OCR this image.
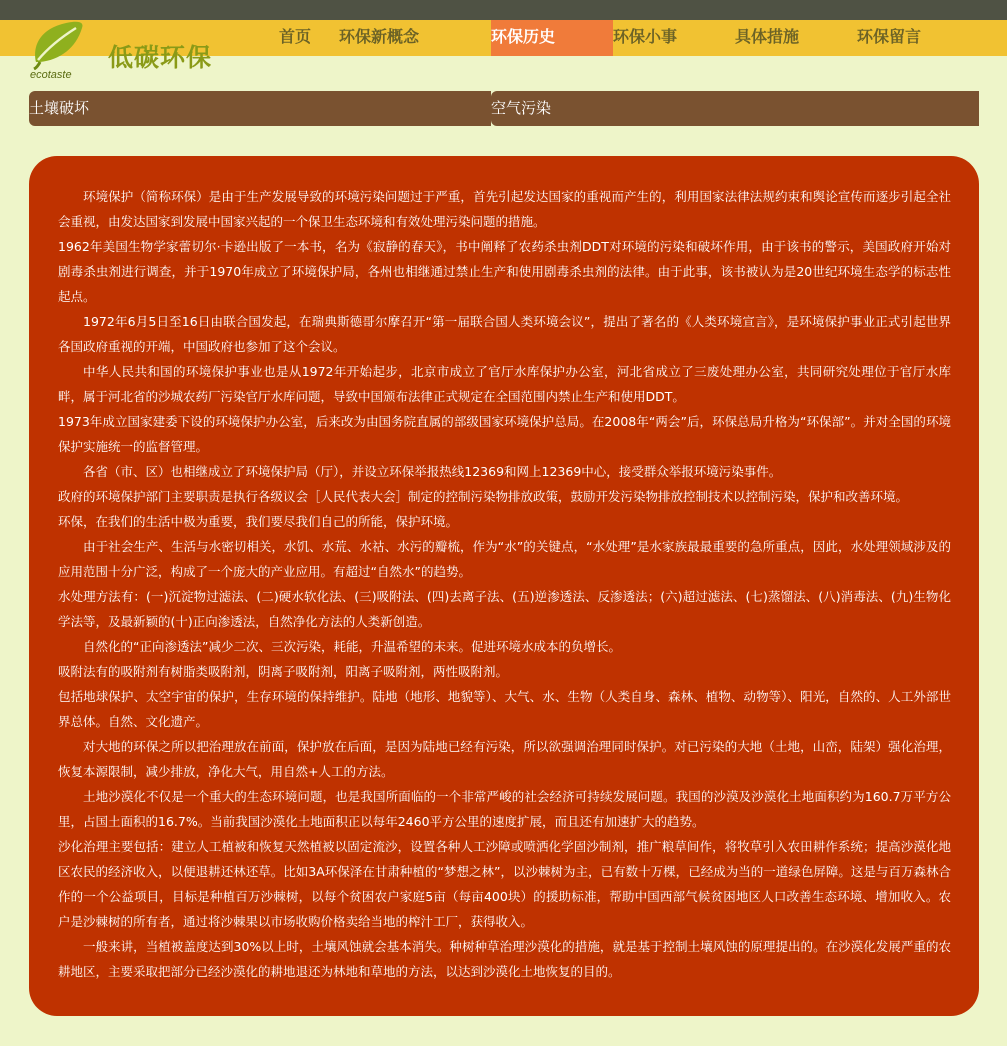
低碳环保
ecotaste
首页 环保新概念	环保历史	环保小事	具体措施	环保留言
土壤破坏	空气污染

环境保护（简称环保）是由于生产发展导致的环境污染问题过于严重，首先引起发达国家的重视而产生的，利用国家法律法规约束和舆论宣传而逐步引起全社会重视，由发达国家到发展中国家兴起的一个保卫生态环境和有效处理污染问题的措施。

1962年美国生物学家蕾切尔·卡逊出版了一本书，名为《寂静的春天》，书中阐释了农药杀虫剂DDT对环境的污染和破坏作用，由于该书的警示，美国政府开始对剧毒杀虫剂进行调查，并于1970年成立了环境保护局，各州也相继通过禁止生产和使用剧毒杀虫剂的法律。由于此事，该书被认为是20世纪环境生态学的标志性起点。

1972年6月5日至16日由联合国发起，在瑞典斯德哥尔摩召开“第一届联合国人类环境会议”，提出了著名的《人类环境宣言》，是环境保护事业正式引起世界各国政府重视的开端，中国政府也参加了这个会议。

中华人民共和国的环境保护事业也是从1972年开始起步，北京市成立了官厅水库保护办公室，河北省成立了三废处理办公室，共同研究处理位于官厅水库畔，属于河北省的沙城农药厂污染官厅水库问题，导致中国颁布法律正式规定在全国范围内禁止生产和使用DDT。

1973年成立国家建委下设的环境保护办公室，后来改为由国务院直属的部级国家环境保护总局。在2008年“两会”后，环保总局升格为“环保部”。并对全国的环境保护实施统一的监督管理。

各省（市、区）也相继成立了环境保护局（厅），并设立环保举报热线12369和网上12369中心，接受群众举报环境污染事件。

政府的环境保护部门主要职责是执行各级议会［人民代表大会］制定的控制污染物排放政策，鼓励开发污染物排放控制技术以控制污染，保护和改善环境。

环保，在我们的生活中极为重要，我们要尽我们自己的所能，保护环境。

由于社会生产、生活与水密切相关，水饥、水荒、水祜、水污的瓣梳，作为“水”的关键点，“水处理”是水家族最最重要的急所重点，因此，水处理领域涉及的应用范围十分广泛，构成了一个庞大的产业应用。有超过“自然水”的趋势。

水处理方法有：(一)沉淀物过滤法、(二)硬水软化法、(三)吸附法、(四)去离子法、(五)逆渗透法、反渗透法；(六)超过滤法、(七)蒸馏法、(八)消毒法、(九)生物化学法等，及最新颖的(十)正向渗透法，自然净化方法的人类新创造。

自然化的“正向渗透法”减少二次、三次污染，耗能，升温希望的未来。促进环境水成本的负增长。

吸附法有的吸附剂有树脂类吸附剂，阴离子吸附剂，阳离子吸附剂，两性吸附剂。

包括地球保护、太空宇宙的保护，生存环境的保持维护。陆地（地形、地貌等）、大气、水、生物（人类自身、森林、植物、动物等）、阳光，自然的、人工外部世界总体。自然、文化遗产。

对大地的环保之所以把治理放在前面，保护放在后面，是因为陆地已经有污染，所以欲强调治理同时保护。对已污染的大地（土地，山峦，陆架）强化治理，恢复本源限制，减少排放，净化大气，用自然+人工的方法。

土地沙漠化不仅是一个重大的生态环境问题，也是我国所面临的一个非常严峻的社会经济可持续发展问题。我国的沙漠及沙漠化土地面积约为160.7万平方公里，占国土面积的16.7%。当前我国沙漠化土地面积正以每年2460平方公里的速度扩展，而且还有加速扩大的趋势。

沙化治理主要包括：建立人工植被和恢复天然植被以固定流沙，设置各种人工沙障或喷洒化学固沙制剂，推广粮草间作，将牧草引入农田耕作系统；提高沙漠化地区农民的经济收入，以便退耕还林还草。比如3A环保泽在甘肃种植的“梦想之林”，以沙棘树为主，已有数十万棵，已经成为当的一道绿色屏障。这是与百万森林合作的一个公益项目，目标是种植百万沙棘树，以每个贫困农户家庭5亩（每亩400块）的援助标准，帮助中国西部气候贫困地区人口改善生态环境、增加收入。农户是沙棘树的所有者，通过将沙棘果以市场收购价格卖给当地的榨汁工厂，获得收入。

一般来讲，当植被盖度达到30%以上时，土壤风蚀就会基本消失。种树种草治理沙漠化的措施，就是基于控制土壤风蚀的原理提出的。在沙漠化发展严重的农耕地区，主要采取把部分已经沙漠化的耕地退还为林地和草地的方法，以达到沙漠化土地恢复的目的。
